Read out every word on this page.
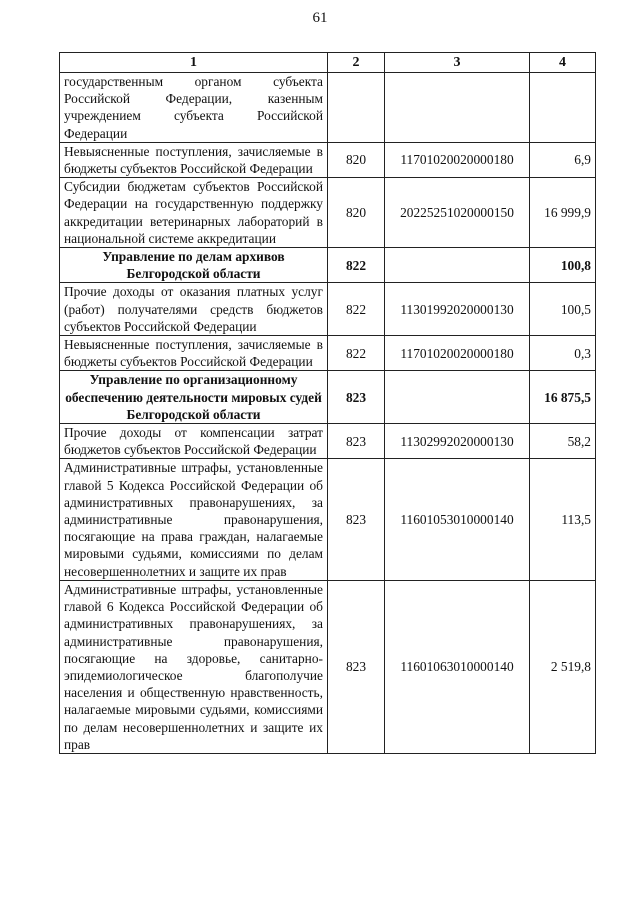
61
1	2	3	4
государственным органом субъекта Российской Федерации, казенным учреждением субъекта Российской Федерации			
Невыясненные поступления, зачисляемые в бюджеты субъектов Российской Федерации	820	11701020020000180	6,9
Субсидии бюджетам субъектов Российской Федерации на государственную поддержку аккредитации ветеринарных лабораторий в национальной системе аккредитации	820	20225251020000150	16 999,9
Управление по делам архивов Белгородской области	822		100,8
Прочие доходы от оказания платных услуг (работ) получателями средств бюджетов субъектов Российской Федерации	822	11301992020000130	100,5
Невыясненные поступления, зачисляемые в бюджеты субъектов Российской Федерации	822	11701020020000180	0,3
Управление по организационному обеспечению деятельности мировых судей Белгородской области	823		16 875,5
Прочие доходы от компенсации затрат бюджетов субъектов Российской Федерации	823	11302992020000130	58,2
Административные штрафы, установленные главой 5 Кодекса Российской Федерации об административных правонарушениях, за административные правонарушения, посягающие на права граждан, налагаемые мировыми судьями, комиссиями по делам несовершеннолетних и защите их прав	823	11601053010000140	113,5
Административные штрафы, установленные главой 6 Кодекса Российской Федерации об административных правонарушениях, за административные правонарушения, посягающие на здоровье, санитарно-эпидемиологическое благополучие населения и общественную нравственность, налагаемые мировыми судьями, комиссиями по делам несовершеннолетних и защите их прав	823	11601063010000140	2 519,8
